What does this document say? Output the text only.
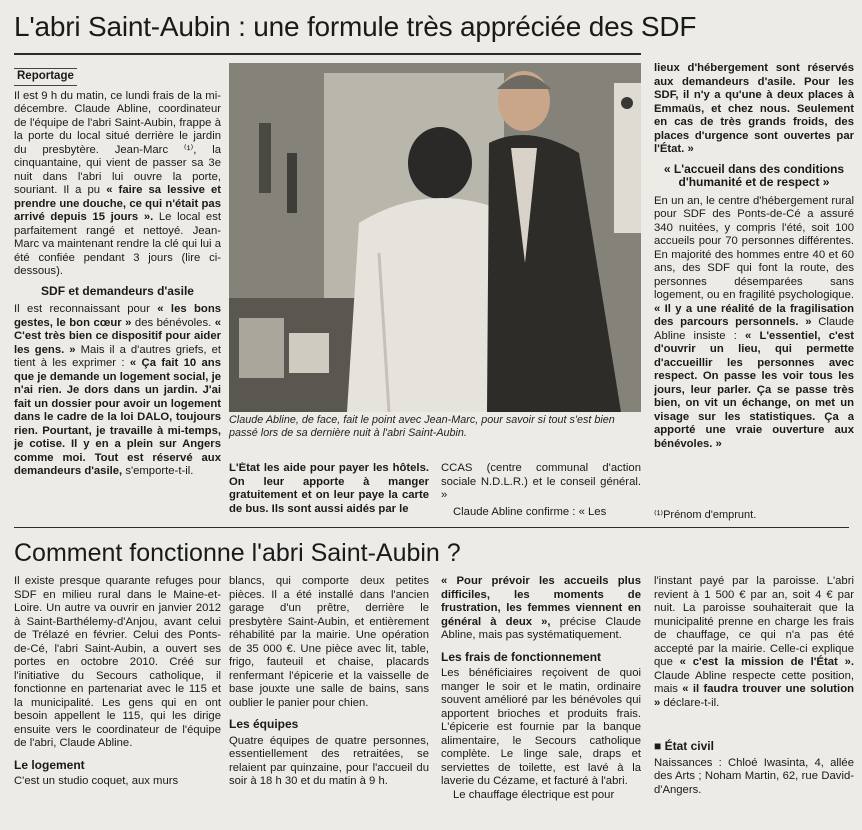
L'abri Saint-Aubin : une formule très appréciée des SDF
Reportage

Il est 9 h du matin, ce lundi frais de la mi-décembre. Claude Abline, coordinateur de l'équipe de l'abri Saint-Aubin, frappe à la porte du local situé derrière le jardin du presbytère. Jean-Marc ⁽¹⁾, la cinquantaine, qui vient de passer sa 3e nuit dans l'abri lui ouvre la porte, souriant. Il a pu « faire sa lessive et prendre une douche, ce qui n'était pas arrivé depuis 15 jours ». Le local est parfaitement rangé et nettoyé. Jean-Marc va maintenant rendre la clé qui lui a été confiée pendant 3 jours (lire ci-dessous).

SDF et demandeurs d'asile

Il est reconnaissant pour « les bons gestes, le bon cœur » des bénévoles. « C'est très bien ce dispositif pour aider les gens. » Mais il a d'autres griefs, et tient à les exprimer : « Ça fait 10 ans que je demande un logement social, je n'ai rien. Je dors dans un jardin. J'ai fait un dossier pour avoir un logement dans le cadre de la loi DALO, toujours rien. Pourtant, je travaille à mi-temps, je cotise. Il y en a plein sur Angers comme moi. Tout est réservé aux demandeurs d'asile, s'emporte-t-il.

Claude Abline, de face, fait le point avec Jean-Marc, pour savoir si tout s'est bien passé lors de sa dernière nuit à l'abri Saint-Aubin.
L'État les aide pour payer les hôtels. On leur apporte à manger gratuitement et on leur paye la carte de bus. Ils sont aussi aidés par le

CCAS (centre communal d'action sociale N.D.L.R.) et le conseil général. »

Claude Abline confirme : « Les

lieux d'hébergement sont réservés aux demandeurs d'asile. Pour les SDF, il n'y a qu'une à deux places à Emmaüs, et chez nous. Seulement en cas de très grands froids, des places d'urgence sont ouvertes par l'État. »

« L'accueil dans des conditions d'humanité et de respect »

En un an, le centre d'hébergement rural pour SDF des Ponts-de-Cé a assuré 340 nuitées, y compris l'été, soit 100 accueils pour 70 personnes différentes. En majorité des hommes entre 40 et 60 ans, des SDF qui font la route, des personnes désemparées sans logement, ou en fragilité psychologique. « Il y a une réalité de la fragilisation des parcours personnels. » Claude Abline insiste : « L'essentiel, c'est d'ouvrir un lieu, qui permette d'accueillir les personnes avec respect. On passe les voir tous les jours, leur parler. Ça se passe très bien, on vit un échange, on met un visage sur les statistiques. Ça a apporté une vraie ouverture aux bénévoles. »

⁽¹⁾Prénom d'emprunt.
Comment fonctionne l'abri Saint-Aubin ?

Il existe presque quarante refuges pour SDF en milieu rural dans le Maine-et-Loire. Un autre va ouvrir en janvier 2012 à Saint-Barthélemy-d'Anjou, avant celui de Trélazé en février. Celui des Ponts-de-Cé, l'abri Saint-Aubin, a ouvert ses portes en octobre 2010. Créé sur l'initiative du Secours catholique, il fonctionne en partenariat avec le 115 et la municipalité. Les gens qui en ont besoin appellent le 115, qui les dirige ensuite vers le coordinateur de l'équipe de l'abri, Claude Abline.

Le logement

C'est un studio coquet, aux murs

blancs, qui comporte deux petites pièces. Il a été installé dans l'ancien garage d'un prêtre, derrière le presbytère Saint-Aubin, et entièrement réhabilité par la mairie. Une opération de 35 000 €. Une pièce avec lit, table, frigo, fauteuil et chaise, placards renfermant l'épicerie et la vaisselle de base jouxte une salle de bains, sans oublier le panier pour chien.

Les équipes

Quatre équipes de quatre personnes, essentiellement des retraitées, se relaient par quinzaine, pour l'accueil du soir à 18 h 30 et du matin à 9 h.

« Pour prévoir les accueils plus difficiles, les moments de frustration, les femmes viennent en général à deux », précise Claude Abline, mais pas systématiquement.

Les frais de fonctionnement

Les bénéficiaires reçoivent de quoi manger le soir et le matin, ordinaire souvent amélioré par les bénévoles qui apportent brioches et produits frais. L'épicerie est fournie par la banque alimentaire, le Secours catholique complète. Le linge sale, draps et serviettes de toilette, est lavé à la laverie du Cézame, et facturé à l'abri.

Le chauffage électrique est pour

l'instant payé par la paroisse. L'abri revient à 1 500 € par an, soit 4 € par nuit. La paroisse souhaiterait que la municipalité prenne en charge les frais de chauffage, ce qui n'a pas été accepté par la mairie. Celle-ci explique que « c'est la mission de l'État ». Claude Abline respecte cette position, mais « il faudra trouver une solution » déclare-t-il.

■ État civil

Naissances : Chloé Iwasinta, 4, allée des Arts ; Noham Martin, 62, rue David-d'Angers.
